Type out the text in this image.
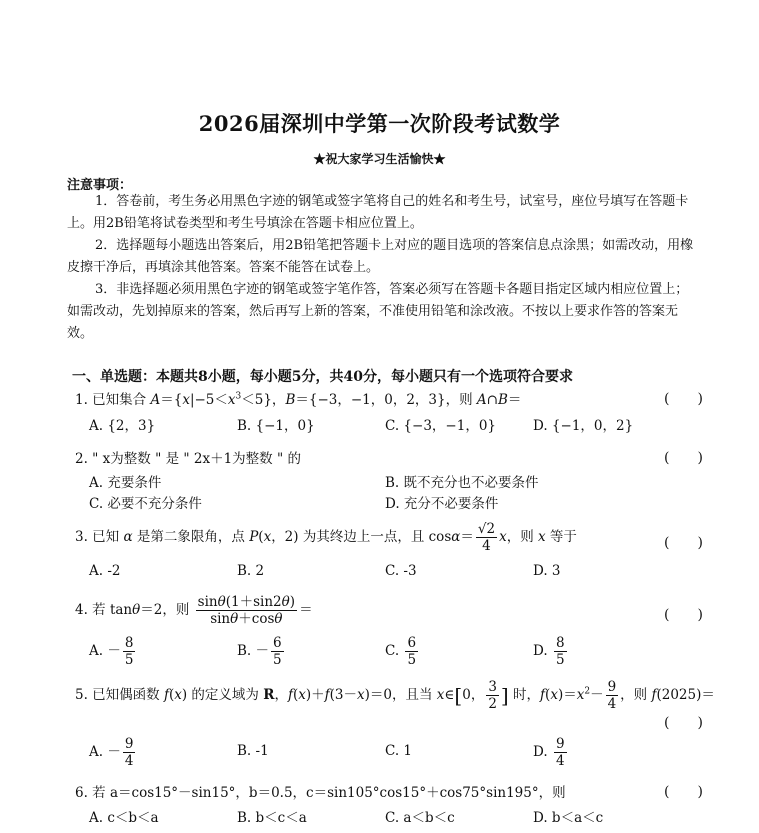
2026届深圳中学第一次阶段考试数学
★祝大家学习生活愉快★
注意事项：
1．答卷前，考生务必用黑色字迹的钢笔或签字笔将自己的姓名和考生号，试室号，座位号填写在答题卡上。用2B铅笔将试卷类型和考生号填涂在答题卡相应位置上。
2．选择题每小题选出答案后，用2B铅笔把答题卡上对应的题目选项的答案信息点涂黑；如需改动，用橡皮擦干净后，再填涂其他答案。答案不能答在试卷上。
3．非选择题必须用黑色字迹的钢笔或签字笔作答，答案必须写在答题卡各题目指定区域内相应位置上；如需改动，先划掉原来的答案，然后再写上新的答案，不准使用铅笔和涂改液。不按以上要求作答的答案无效。
一、单选题：本题共8小题，每小题5分，共40分，每小题只有一个选项符合要求
1. 已知集合 $A=\{x|-5<x^3<5\}$，B＝{−3，−1，0，2，3}，则 A∩B＝	(　　)
A. {2，3}	B. {−1，0}	C. {−3，−1，0}	D. {−1，0，2}
2. " x为整数 " 是 " 2x＋1为整数 " 的	(　　)
A. 充要条件	B. 既不充分也不必要条件
C. 必要不充分条件	D. 充分不必要条件
3. 已知 α 是第二象限角，点 P(x，2) 为其终边上一点，且 $\cos\alpha= \frac{√2}{4}$ x，则 x 等于	(　　)
A. -2	B. 2	C. -3	D. 3
4. 若 tanθ＝2，则 $\frac{\sin\theta(1+\sin 2\theta)}{\sin\theta+\cos\theta}$ ＝	(　　)
A. － $\frac{8}{5}$	B. － $\frac{6}{5}$	C. $\frac{6}{5}$	D. $\frac{8}{5}$
5. 已知偶函数 f(x) 的定义域为 R，f(x)＋f(3－x)＝0，且当 x∈[0， $\frac{3}{2}$ ] 时，$f(x)=x^2- \frac{9}{4}$ ，则 f(2025)＝
(　　)
A. － $\frac{9}{4}$	B. -1	C. 1	D. $\frac{9}{4}$
6. 若 a＝cos15°－sin15°，b＝0.5，c＝sin105°cos15°＋cos75°sin195°，则	(　　)
A. c＜b＜a	B. b＜c＜a	C. a＜b＜c	D. b＜a＜c
